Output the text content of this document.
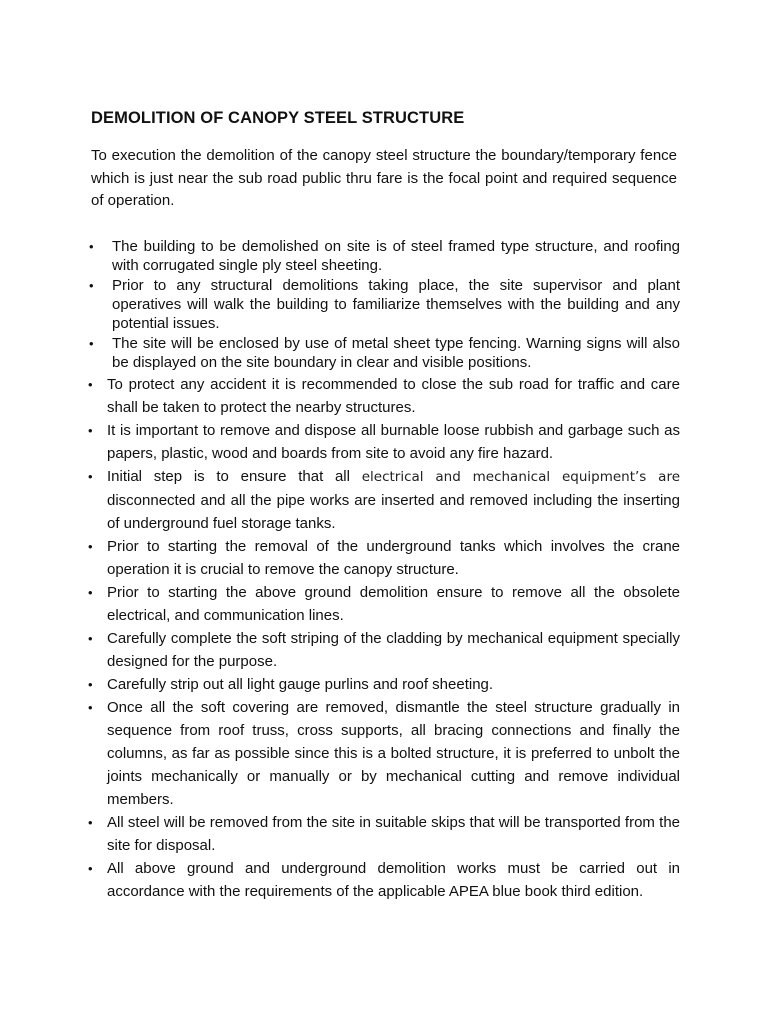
DEMOLITION OF CANOPY STEEL STRUCTURE

To execution the demolition of the canopy steel structure the boundary/temporary fence which is just near the sub road public thru fare is the focal point and required sequence of operation.

• The building to be demolished on site is of steel framed type structure, and roofing with corrugated single ply steel sheeting.
• Prior to any structural demolitions taking place, the site supervisor and plant operatives will walk the building to familiarize themselves with the building and any potential issues.
• The site will be enclosed by use of metal sheet type fencing. Warning signs will also be displayed on the site boundary in clear and visible positions.
• To protect any accident it is recommended to close the sub road for traffic and care shall be taken to protect the nearby structures.
• It is important to remove and dispose all burnable loose rubbish and garbage such as papers, plastic, wood and boards from site to avoid any fire hazard.
• Initial step is to ensure that all electrical and mechanical equipment’s are disconnected and all the pipe works are inserted and removed including the inserting of underground fuel storage tanks.
• Prior to starting the removal of the underground tanks which involves the crane operation it is crucial to remove the canopy structure.
• Prior to starting the above ground demolition ensure to remove all the obsolete electrical, and communication lines.
• Carefully complete the soft striping of the cladding by mechanical equipment specially designed for the purpose.
• Carefully strip out all light gauge purlins and roof sheeting.
• Once all the soft covering are removed, dismantle the steel structure gradually in sequence from roof truss, cross supports, all bracing connections and finally the columns, as far as possible since this is a bolted structure, it is preferred to unbolt the joints mechanically or manually or by mechanical cutting and remove individual members.
• All steel will be removed from the site in suitable skips that will be transported from the site for disposal.
• All above ground and underground demolition works must be carried out in accordance with the requirements of the applicable APEA blue book third edition.
